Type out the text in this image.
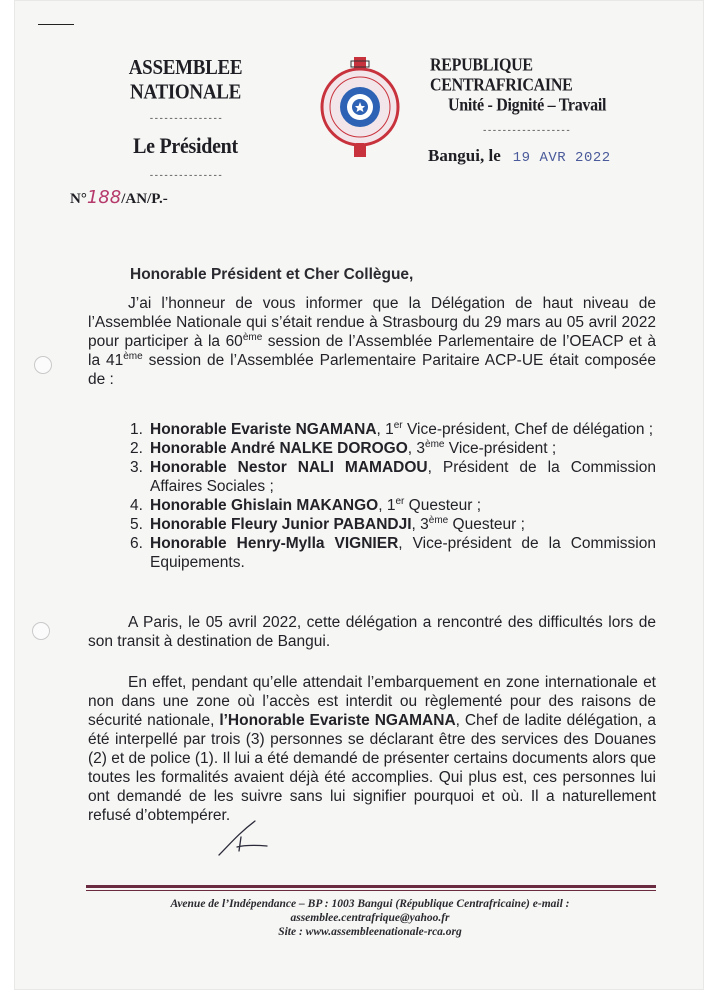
ASSEMBLEE NATIONALE
---------------
Le Président
---------------
REPUBLIQUE CENTRAFRICAINE
Unité - Dignité – Travail
------------------
Bangui, le 19 AVR 2022
N°188/AN/P.-
Honorable Président et Cher Collègue,
J’ai l’honneur de vous informer que la Délégation de haut niveau de l’Assemblée Nationale qui s’était rendue à Strasbourg du 29 mars au 05 avril 2022 pour participer à la 60ème session de l’Assemblée Parlementaire de l’OEACP et à la 41ème session de l’Assemblée Parlementaire Paritaire ACP-UE était composée de :
1. Honorable Evariste NGAMANA, 1er Vice-président, Chef de délégation ;
2. Honorable André NALKE DOROGO, 3ème Vice-président ;
3. Honorable Nestor NALI MAMADOU, Président de la Commission Affaires Sociales ;
4. Honorable Ghislain MAKANGO, 1er Questeur ;
5. Honorable Fleury Junior PABANDJI, 3ème Questeur ;
6. Honorable Henry-Mylla VIGNIER, Vice-président de la Commission Equipements.
A Paris, le 05 avril 2022, cette délégation a rencontré des difficultés lors de son transit à destination de Bangui.
En effet, pendant qu’elle attendait l’embarquement en zone internationale et non dans une zone où l’accès est interdit ou règlementé pour des raisons de sécurité nationale, l’Honorable Evariste NGAMANA, Chef de ladite délégation, a été interpellé par trois (3) personnes se déclarant être des services des Douanes (2) et de police (1). Il lui a été demandé de présenter certains documents alors que toutes les formalités avaient déjà été accomplies. Qui plus est, ces personnes lui ont demandé de les suivre sans lui signifier pourquoi et où. Il a naturellement refusé d’obtempérer.
Avenue de l’Indépendance – BP : 1003 Bangui (République Centrafricaine) e-mail :
assemblee.centrafrique@yahoo.fr
Site : www.assembleenationale-rca.org
